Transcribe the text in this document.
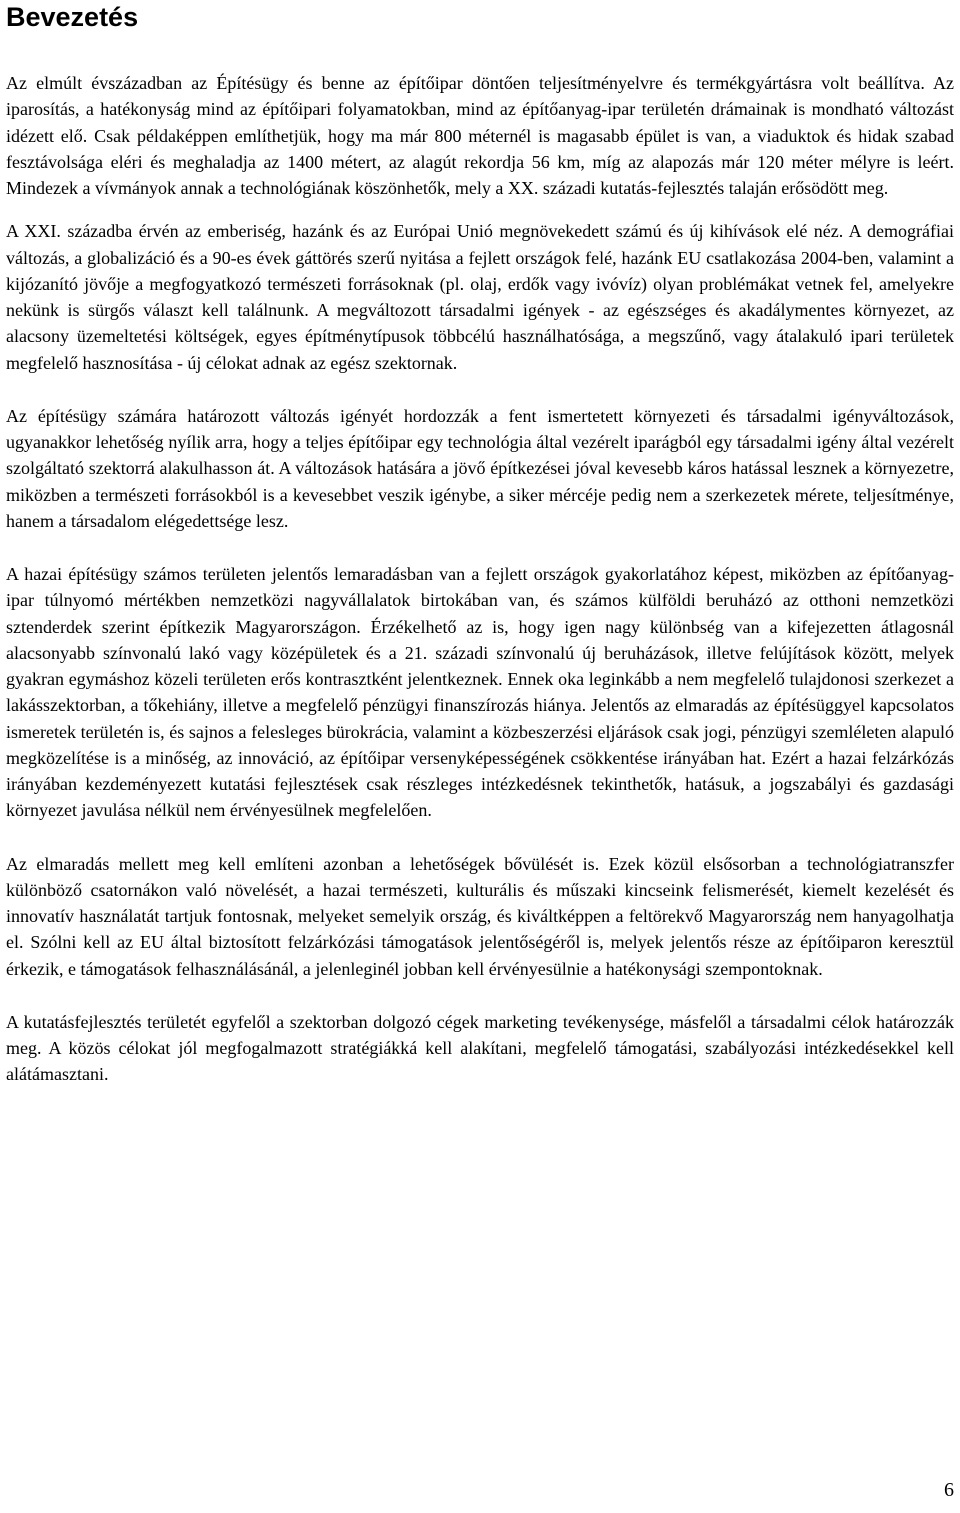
Bevezetés

Az elmúlt évszázadban az Építésügy és benne az építőipar döntően teljesítményelvre és termékgyártásra volt beállítva. Az iparosítás, a hatékonyság mind az építőipari folyamatokban, mind az építőanyag-ipar területén drámainak is mondható változást idézett elő. Csak példaképpen említhetjük, hogy ma már 800 méternél is magasabb épület is van, a viaduktok és hidak szabad fesztávolsága eléri és meghaladja az 1400 métert, az alagút rekordja 56 km, míg az alapozás már 120 méter mélyre is leért. Mindezek a vívmányok annak a technológiának köszönhetők, mely a XX. századi kutatás-fejlesztés talaján erősödött meg.

A XXI. századba érvén az emberiség, hazánk és az Európai Unió megnövekedett számú és új kihívások elé néz. A demográfiai változás, a globalizáció és a 90-es évek gáttörés szerű nyitása a fejlett országok felé, hazánk EU csatlakozása 2004-ben, valamint a kijózanító jövője a megfogyatkozó természeti forrásoknak (pl. olaj, erdők vagy ivóvíz) olyan problémákat vetnek fel, amelyekre nekünk is sürgős választ kell találnunk. A megváltozott társadalmi igények - az egészséges és akadálymentes környezet, az alacsony üzemeltetési költségek, egyes építménytípusok többcélú használhatósága, a megszűnő, vagy átalakuló ipari területek megfelelő hasznosítása - új célokat adnak az egész szektornak.

Az építésügy számára határozott változás igényét hordozzák a fent ismertetett környezeti és társadalmi igényváltozások, ugyanakkor lehetőség nyílik arra, hogy a teljes építőipar egy technológia által vezérelt iparágból egy társadalmi igény által vezérelt szolgáltató szektorrá alakulhasson át. A változások hatására a jövő építkezései jóval kevesebb káros hatással lesznek a környezetre, miközben a természeti forrásokból is a kevesebbet veszik igénybe, a siker mércéje pedig nem a szerkezetek mérete, teljesítménye, hanem a társadalom elégedettsége lesz.

A hazai építésügy számos területen jelentős lemaradásban van a fejlett országok gyakorlatához képest, miközben az építőanyag-ipar túlnyomó mértékben nemzetközi nagyvállalatok birtokában van, és számos külföldi beruházó az otthoni nemzetközi sztenderdek szerint építkezik Magyarországon. Érzékelhető az is, hogy igen nagy különbség van a kifejezetten átlagosnál alacsonyabb színvonalú lakó vagy középületek és a 21. századi színvonalú új beruházások, illetve felújítások között, melyek gyakran egymáshoz közeli területen erős kontrasztként jelentkeznek. Ennek oka leginkább a nem megfelelő tulajdonosi szerkezet a lakásszektorban, a tőkehiány, illetve a megfelelő pénzügyi finanszírozás hiánya. Jelentős az elmaradás az építésüggyel kapcsolatos ismeretek területén is, és sajnos a felesleges bürokrácia, valamint a közbeszerzési eljárások csak jogi, pénzügyi szemléleten alapuló megközelítése is a minőség, az innováció, az építőipar versenyképességének csökkentése irányában hat. Ezért a hazai felzárkózás irányában kezdeményezett kutatási fejlesztések csak részleges intézkedésnek tekinthetők, hatásuk, a jogszabályi és gazdasági környezet javulása nélkül nem érvényesülnek megfelelően.

Az elmaradás mellett meg kell említeni azonban a lehetőségek bővülését is. Ezek közül elsősorban a technológiatranszfer különböző csatornákon való növelését, a hazai természeti, kulturális és műszaki kincseink felismerését, kiemelt kezelését és innovatív használatát tartjuk fontosnak, melyeket semelyik ország, és kiváltképpen a feltörekvő Magyarország nem hanyagolhatja el. Szólni kell az EU által biztosított felzárkózási támogatások jelentőségéről is, melyek jelentős része az építőiparon keresztül érkezik, e támogatások felhasználásánál, a jelenleginél jobban kell érvényesülnie a hatékonysági szempontoknak.

A kutatásfejlesztés területét egyfelől a szektorban dolgozó cégek marketing tevékenysége, másfelől a társadalmi célok határozzák meg. A közös célokat jól megfogalmazott stratégiákká kell alakítani, megfelelő támogatási, szabályozási intézkedésekkel kell alátámasztani.

6
